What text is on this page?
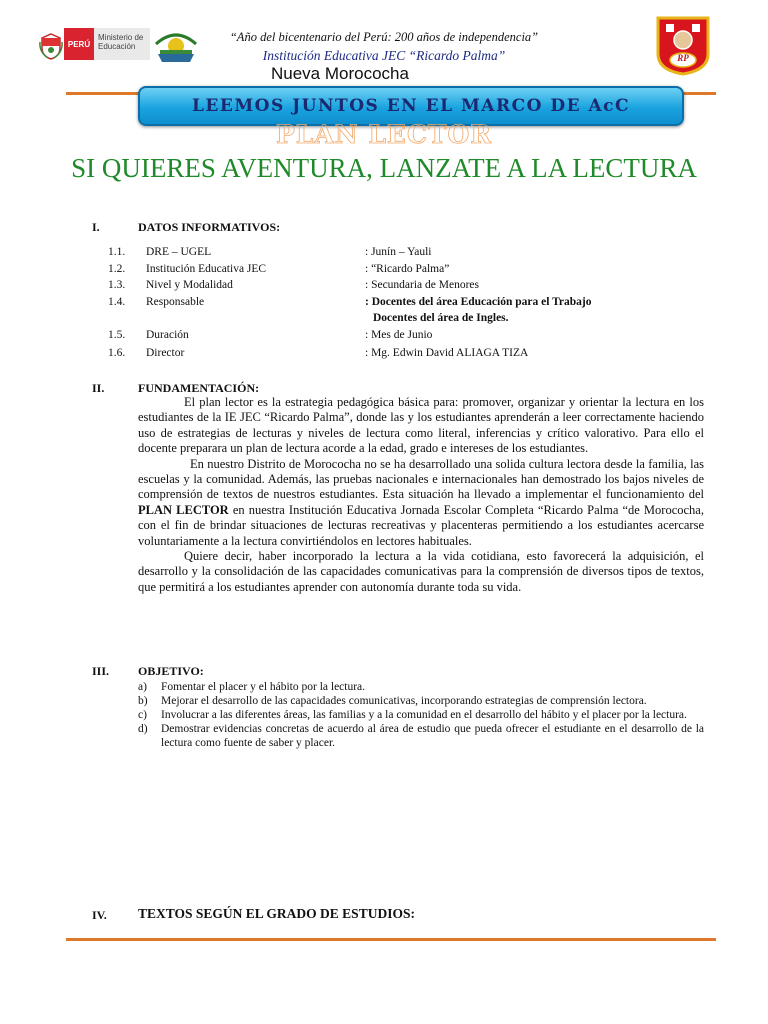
PERÚ
Ministerio de Educación
“Año del bicentenario del Perú: 200 años de independencia”
Institución Educativa JEC “Ricardo Palma”
Nueva Morococha
RP
LEEMOS JUNTOS EN EL MARCO DE AcC
PLAN LECTOR
SI QUIERES AVENTURA, LANZATE A LA LECTURA
I.	DATOS INFORMATIVOS:
1.1. DRE – UGEL	: Junín – Yauli
1.2. Institución Educativa JEC	: “Ricardo Palma”
1.3. Nivel y Modalidad	: Secundaria de Menores
1.4. Responsable	: Docentes del área Educación para el Trabajo
Docentes del área de Ingles.
1.5. Duración	: Mes de Junio
1.6. Director	: Mg. Edwin David ALIAGA TIZA
II.	FUNDAMENTACIÓN:

El plan lector es la estrategia pedagógica básica para: promover, organizar y orientar la lectura en los estudiantes de la IE JEC “Ricardo Palma”, donde las y los estudiantes aprenderán a leer correctamente haciendo uso de estrategias de lecturas y niveles de lectura como literal, inferencias y crítico valorativo. Para ello el docente preparara un plan de lectura acorde a la edad, grado e intereses de los estudiantes.

En nuestro Distrito de Morococha no se ha desarrollado una solida cultura lectora desde la familia, las escuelas y la comunidad. Además, las pruebas nacionales e internacionales han demostrado los bajos niveles de comprensión de textos de nuestros estudiantes. Esta situación ha llevado a implementar el funcionamiento del PLAN LECTOR en nuestra Institución Educativa Jornada Escolar Completa “Ricardo Palma “de Morococha, con el fin de brindar situaciones de lecturas recreativas y placenteras permitiendo a los estudiantes acercarse voluntariamente a la lectura convirtiéndolos en lectores habituales.

Quiere decir, haber incorporado la lectura a la vida cotidiana, esto favorecerá la adquisición, el desarrollo y la consolidación de las capacidades comunicativas para la comprensión de diversos tipos de textos, que permitirá a los estudiantes aprender con autonomía durante toda su vida.

III. OBJETIVO:
a)	Fomentar el placer y el hábito por la lectura.
b)	Mejorar el desarrollo de las capacidades comunicativas, incorporando estrategias de comprensión lectora.
c)	Involucrar a las diferentes áreas, las familias y a la comunidad en el desarrollo del hábito y el placer por la lectura.
d)	Demostrar evidencias concretas de acuerdo al área de estudio que pueda ofrecer el estudiante en el desarrollo de la lectura como fuente de saber y placer.
IV. TEXTOS SEGÚN EL GRADO DE ESTUDIOS:
